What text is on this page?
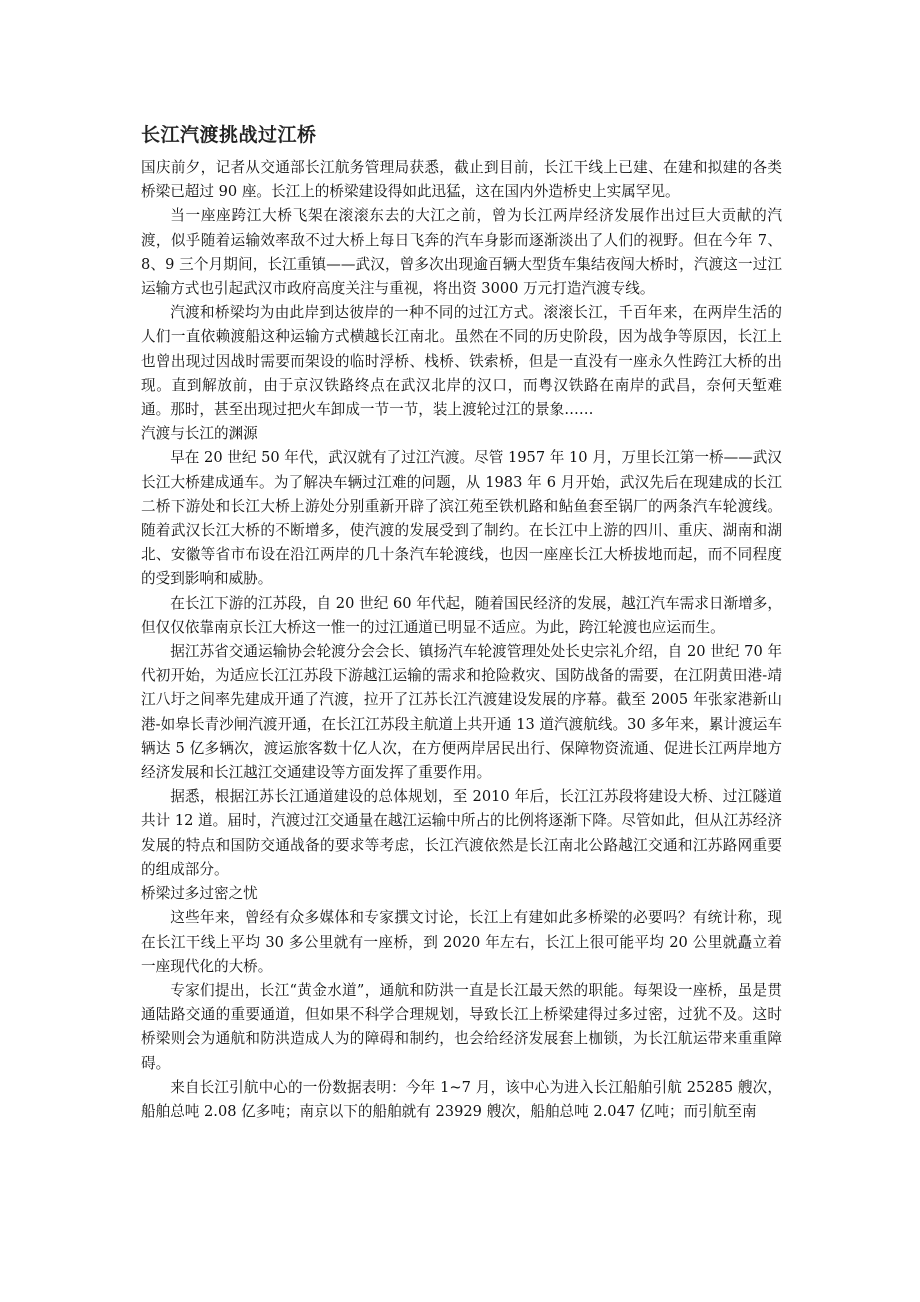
长江汽渡挑战过江桥

国庆前夕，记者从交通部长江航务管理局获悉，截止到目前，长江干线上已建、在建和拟建的各类桥梁已超过 90 座。长江上的桥梁建设得如此迅猛，这在国内外造桥史上实属罕见。

当一座座跨江大桥飞架在滚滚东去的大江之前，曾为长江两岸经济发展作出过巨大贡献的汽渡，似乎随着运输效率敌不过大桥上每日飞奔的汽车身影而逐渐淡出了人们的视野。但在今年 7、8、9 三个月期间，长江重镇——武汉，曾多次出现逾百辆大型货车集结夜闯大桥时，汽渡这一过江运输方式也引起武汉市政府高度关注与重视，将出资 3000 万元打造汽渡专线。

汽渡和桥梁均为由此岸到达彼岸的一种不同的过江方式。滚滚长江，千百年来，在两岸生活的人们一直依赖渡船这种运输方式横越长江南北。虽然在不同的历史阶段，因为战争等原因，长江上也曾出现过因战时需要而架设的临时浮桥、栈桥、铁索桥，但是一直没有一座永久性跨江大桥的出现。直到解放前，由于京汉铁路终点在武汉北岸的汉口，而粤汉铁路在南岸的武昌，奈何天堑难通。那时，甚至出现过把火车卸成一节一节，装上渡轮过江的景象……

汽渡与长江的渊源

早在 20 世纪 50 年代，武汉就有了过江汽渡。尽管 1957 年 10 月，万里长江第一桥——武汉长江大桥建成通车。为了解决车辆过江难的问题，从 1983 年 6 月开始，武汉先后在现建成的长江二桥下游处和长江大桥上游处分别重新开辟了滨江苑至铁机路和鲇鱼套至锅厂的两条汽车轮渡线。随着武汉长江大桥的不断增多，使汽渡的发展受到了制约。在长江中上游的四川、重庆、湖南和湖北、安徽等省市布设在沿江两岸的几十条汽车轮渡线，也因一座座长江大桥拔地而起，而不同程度的受到影响和威胁。

在长江下游的江苏段，自 20 世纪 60 年代起，随着国民经济的发展，越江汽车需求日渐增多，但仅仅依靠南京长江大桥这一惟一的过江通道已明显不适应。为此，跨江轮渡也应运而生。

据江苏省交通运输协会轮渡分会会长、镇扬汽车轮渡管理处处长史宗礼介绍，自 20 世纪 70 年代初开始，为适应长江江苏段下游越江运输的需求和抢险救灾、国防战备的需要，在江阴黄田港-靖江八圩之间率先建成开通了汽渡，拉开了江苏长江汽渡建设发展的序幕。截至 2005 年张家港新山港-如皋长青沙闸汽渡开通，在长江江苏段主航道上共开通 13 道汽渡航线。30 多年来，累计渡运车辆达 5 亿多辆次，渡运旅客数十亿人次，在方便两岸居民出行、保障物资流通、促进长江两岸地方经济发展和长江越江交通建设等方面发挥了重要作用。

据悉，根据江苏长江通道建设的总体规划，至 2010 年后，长江江苏段将建设大桥、过江隧道共计 12 道。届时，汽渡过江交通量在越江运输中所占的比例将逐渐下降。尽管如此，但从江苏经济发展的特点和国防交通战备的要求等考虑，长江汽渡依然是长江南北公路越江交通和江苏路网重要的组成部分。

桥梁过多过密之忧

这些年来，曾经有众多媒体和专家撰文讨论，长江上有建如此多桥梁的必要吗？有统计称，现在长江干线上平均 30 多公里就有一座桥，到 2020 年左右，长江上很可能平均 20 公里就矗立着一座现代化的大桥。

专家们提出，长江“黄金水道”，通航和防洪一直是长江最天然的职能。每架设一座桥，虽是贯通陆路交通的重要通道，但如果不科学合理规划，导致长江上桥梁建得过多过密，过犹不及。这时桥梁则会为通航和防洪造成人为的障碍和制约，也会给经济发展套上枷锁，为长江航运带来重重障碍。

来自长江引航中心的一份数据表明：今年 1~7 月，该中心为进入长江船舶引航 25285 艘次，船舶总吨 2.08 亿多吨；南京以下的船舶就有 23929 艘次，船舶总吨 2.047 亿吨；而引航至南
